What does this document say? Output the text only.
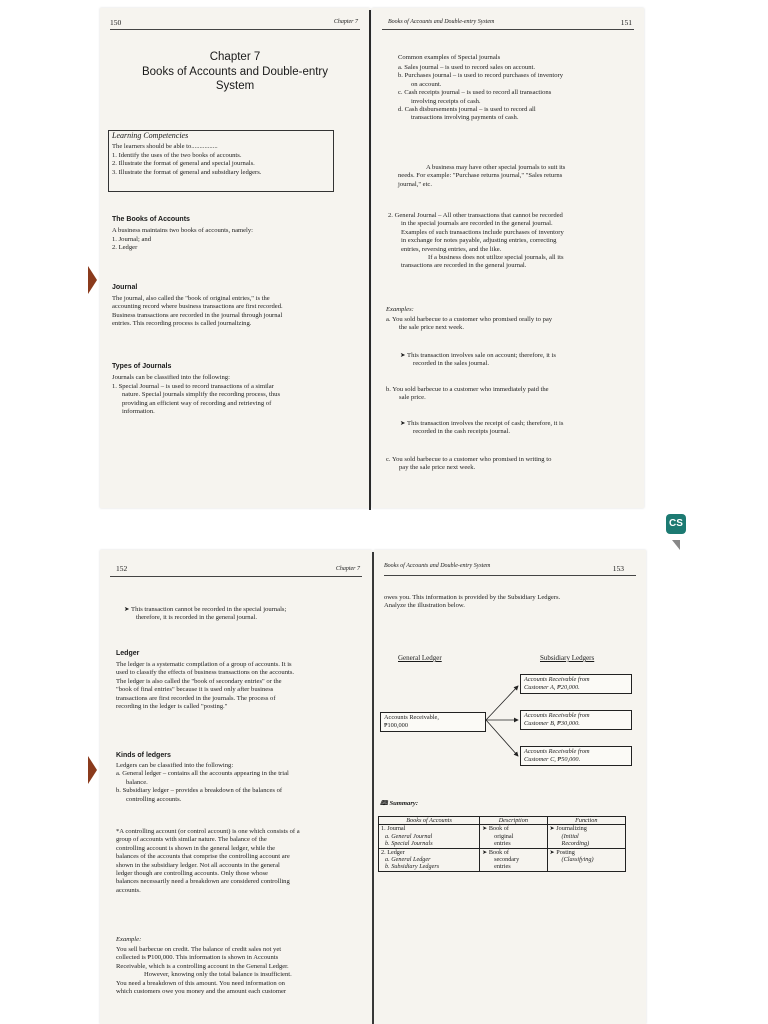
150	Chapter 7
Chapter 7
Books of Accounts and Double-entry
System
Learning Competencies
The learners should be able to................
1. Identify the uses of the two books of accounts.
2. Illustrate the format of general and special journals.
3. Illustrate the format of general and subsidiary ledgers.
The Books of Accounts
A business maintains two books of accounts, namely:
1. Journal; and
2. Ledger
Journal
The journal, also called the "book of original entries," is the
accounting record where business transactions are first recorded.
Business transactions are recorded in the journal through journal
entries. This recording process is called journalizing.
Types of Journals
Journals can be classified into the following:
1. Special Journal – is used to record transactions of a similar
nature. Special journals simplify the recording process, thus
providing an efficient way of recording and retrieving of
information.
Books of Accounts and Double-entry System	151
Common examples of Special journals
a. Sales journal – is used to record sales on account.
b. Purchases journal – is used to record purchases of inventory
on account.
c. Cash receipts journal – is used to record all transactions
involving receipts of cash.
d. Cash disbursements journal – is used to record all
transactions involving payments of cash.
A business may have other special journals to suit its
needs. For example: "Purchase returns journal," "Sales returns
journal," etc.
2. General Journal – All other transactions that cannot be recorded
in the special journals are recorded in the general journal.
Examples of such transactions include purchases of inventory
in exchange for notes payable, adjusting entries, correcting
entries, reversing entries, and the like.
If a business does not utilize special journals, all its
transactions are recorded in the general journal.
Examples:
a. You sold barbecue to a customer who promised orally to pay
the sale price next week.
➤ This transaction involves sale on account; therefore, it is
recorded in the sales journal.
b. You sold barbecue to a customer who immediately paid the
sale price.
➤ This transaction involves the receipt of cash; therefore, it is
recorded in the cash receipts journal.
c. You sold barbecue to a customer who promised in writing to
pay the sale price next week.
152	Chapter 7
➤ This transaction cannot be recorded in the special journals;
therefore, it is recorded in the general journal.
Ledger
The ledger is a systematic compilation of a group of accounts. It is
used to classify the effects of business transactions on the accounts.
The ledger is also called the "book of secondary entries" or the
"book of final entries" because it is used only after business
transactions are first recorded in the journals. The process of
recording in the ledger is called "posting."
Kinds of ledgers
Ledgers can be classified into the following:
a. General ledger – contains all the accounts appearing in the trial
balance.
b. Subsidiary ledger – provides a breakdown of the balances of
controlling accounts.
*A controlling account (or control account) is one which consists of a
group of accounts with similar nature. The balance of the
controlling account is shown in the general ledger, while the
balances of the accounts that comprise the controlling account are
shown in the subsidiary ledger. Not all accounts in the general
ledger though are controlling accounts. Only those whose
balances necessarily need a breakdown are considered controlling
accounts.
Example:
You sell barbecue on credit. The balance of credit sales not yet
collected is ₱100,000. This information is shown in Accounts
Receivable, which is a controlling account in the General Ledger.
However, knowing only the total balance is insufficient.
You need a breakdown of this amount. You need information on
which customers owe you money and the amount each customer
Books of Accounts and Double-entry System	153
owes you. This information is provided by the Subsidiary Ledgers.
Analyze the illustration below.
General Ledger	Subsidiary Ledgers
Accounts Receivable,
₱100,000
Accounts Receivable from
Customer A, ₱20,000.
Accounts Receivable from
Customer B, ₱30,000.
Accounts Receivable from
Customer C, ₱50,000.
🕮 Summary:
Books of Accounts	Description	Function

1. Journal
a. General Journal
b. Special Journals	➤ Book of
original
entries	➤ Journalizing
(Initial
Recording)

2. Ledger
a. General Ledger
b. Subsidiary Ledgers	➤ Book of
secondary
entries	➤ Posting
(Classifying)
CS
